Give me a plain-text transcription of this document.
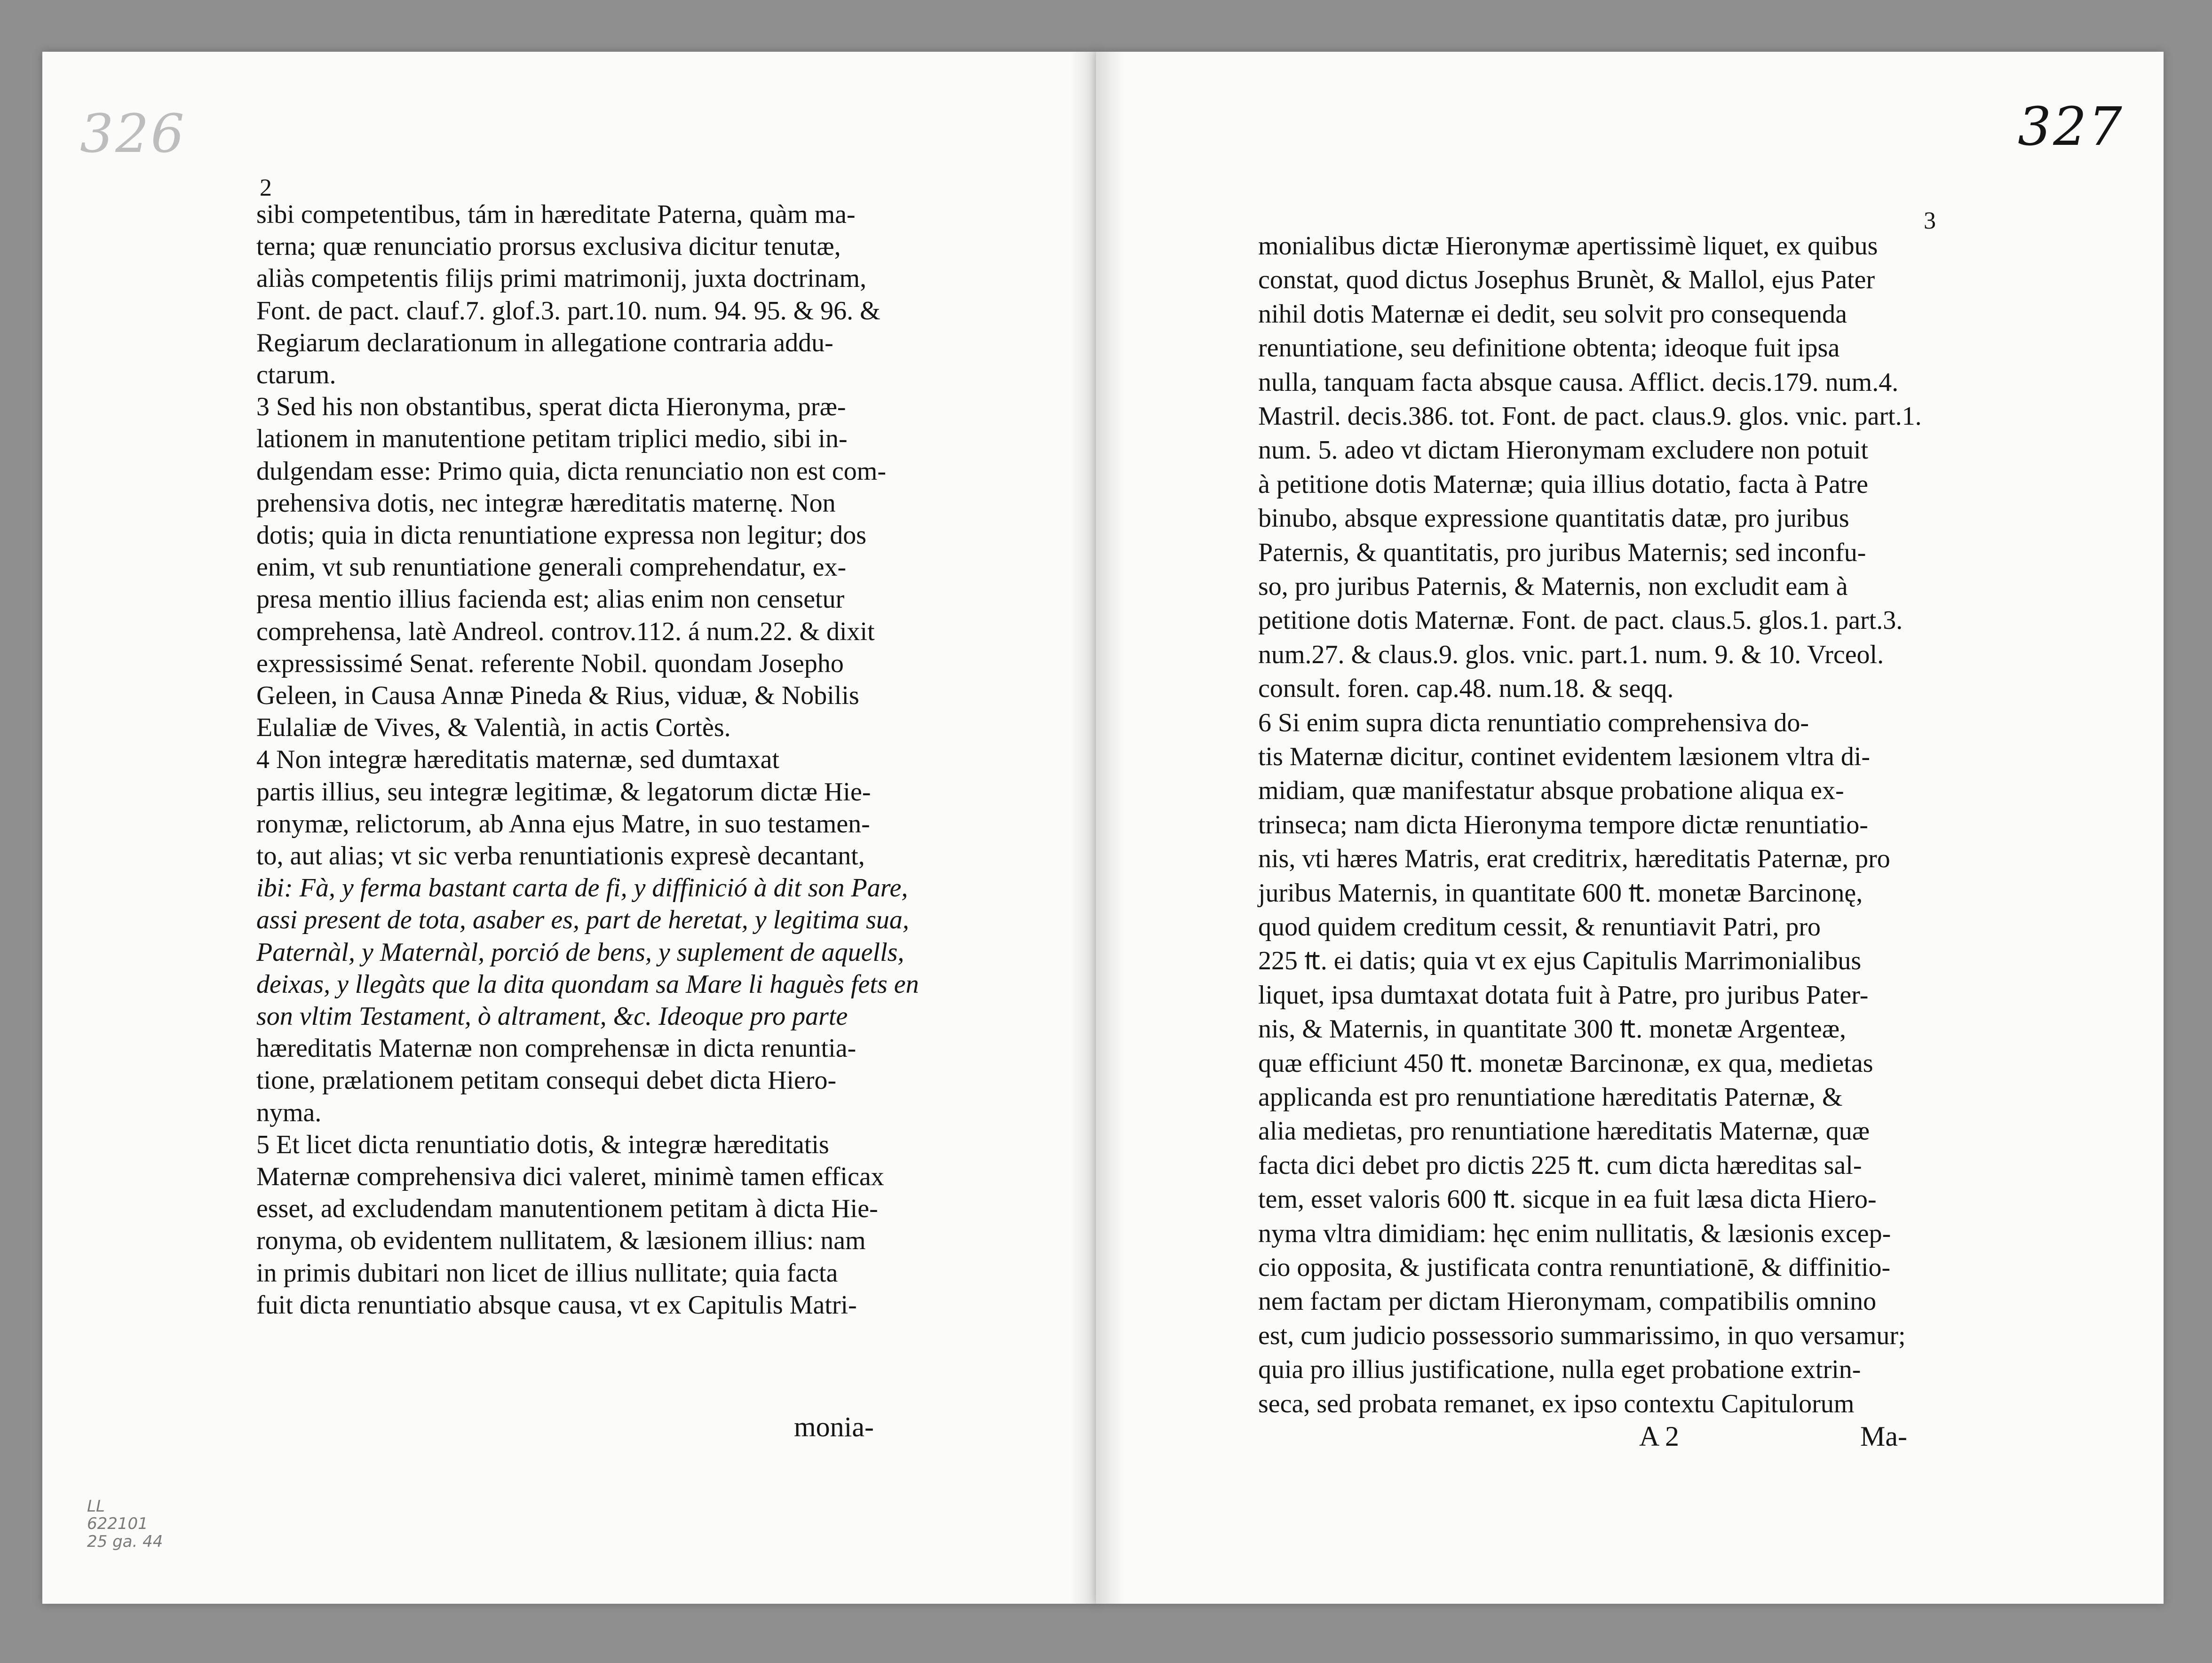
326
2
sibi competentibus, tám in hæreditate Paterna, quàm ma-
terna; quæ renunciatio prorsus exclusiva dicitur tenutæ,
aliàs competentis filijs primi matrimonij, juxta doctrinam,
Font. de pact. clauf.7. glof.3. part.10. num. 94. 95. & 96. &
Regiarum declarationum in allegatione contraria addu-
ctarum.
3 Sed his non obstantibus, sperat dicta Hieronyma, præ-
lationem in manutentione petitam triplici medio, sibi in-
dulgendam esse: Primo quia, dicta renunciatio non est com-
prehensiva dotis, nec integræ hæreditatis maternę. Non
dotis; quia in dicta renuntiatione expressa non legitur; dos
enim, vt sub renuntiatione generali comprehendatur, ex-
presa mentio illius facienda est; alias enim non censetur
comprehensa, latè Andreol. controv.112. á num.22. & dixit
expressissimé Senat. referente Nobil. quondam Josepho
Geleen, in Causa Annæ Pineda & Rius, viduæ, & Nobilis
Eulaliæ de Vives, & Valentià, in actis Cortès.
4 Non integræ hæreditatis maternæ, sed dumtaxat
partis illius, seu integræ legitimæ, & legatorum dictæ Hie-
ronymæ, relictorum, ab Anna ejus Matre, in suo testamen-
to, aut alias; vt sic verba renuntiationis expresè decantant,
ibi: Fà, y ferma bastant carta de fi, y diffinició à dit son Pare,
assi present de tota, asaber es, part de heretat, y legitima sua,
Paternàl, y Maternàl, porció de bens, y suplement de aquells,
deixas, y llegàts que la dita quondam sa Mare li haguès fets en
son vltim Testament, ò altrament, &c. Ideoque pro parte
hæreditatis Maternæ non comprehensæ in dicta renuntia-
tione, prælationem petitam consequi debet dicta Hiero-
nyma.
5 Et licet dicta renuntiatio dotis, & integræ hæreditatis
Maternæ comprehensiva dici valeret, minimè tamen efficax
esset, ad excludendam manutentionem petitam à dicta Hie-
ronyma, ob evidentem nullitatem, & læsionem illius: nam
in primis dubitari non licet de illius nullitate; quia facta
fuit dicta renuntiatio absque causa, vt ex Capitulis Matri-
monia-
LL
622101
25 ga. 44
327
3
monialibus dictæ Hieronymæ apertissimè liquet, ex quibus
constat, quod dictus Josephus Brunèt, & Mallol, ejus Pater
nihil dotis Maternæ ei dedit, seu solvit pro consequenda
renuntiatione, seu definitione obtenta; ideoque fuit ipsa
nulla, tanquam facta absque causa. Afflict. decis.179. num.4.
Mastril. decis.386. tot. Font. de pact. claus.9. glos. vnic. part.1.
num. 5. adeo vt dictam Hieronymam excludere non potuit
à petitione dotis Maternæ; quia illius dotatio, facta à Patre
binubo, absque expressione quantitatis datæ, pro juribus
Paternis, & quantitatis, pro juribus Maternis; sed inconfu-
so, pro juribus Paternis, & Maternis, non excludit eam à
petitione dotis Maternæ. Font. de pact. claus.5. glos.1. part.3.
num.27. & claus.9. glos. vnic. part.1. num. 9. & 10. Vrceol.
consult. foren. cap.48. num.18. & seqq.
6 Si enim supra dicta renuntiatio comprehensiva do-
tis Maternæ dicitur, continet evidentem læsionem vltra di-
midiam, quæ manifestatur absque probatione aliqua ex-
trinseca; nam dicta Hieronyma tempore dictæ renuntiatio-
nis, vti hæres Matris, erat creditrix, hæreditatis Paternæ, pro
juribus Maternis, in quantitate 600 ₶. monetæ Barcinonę,
quod quidem creditum cessit, & renuntiavit Patri, pro
225 ₶. ei datis; quia vt ex ejus Capitulis Marrimonialibus
liquet, ipsa dumtaxat dotata fuit à Patre, pro juribus Pater-
nis, & Maternis, in quantitate 300 ₶. monetæ Argenteæ,
quæ efficiunt 450 ₶. monetæ Barcinonæ, ex qua, medietas
applicanda est pro renuntiatione hæreditatis Paternæ, &
alia medietas, pro renuntiatione hæreditatis Maternæ, quæ
facta dici debet pro dictis 225 ₶. cum dicta hæreditas sal-
tem, esset valoris 600 ₶. sicque in ea fuit læsa dicta Hiero-
nyma vltra dimidiam: hęc enim nullitatis, & læsionis excep-
cio opposita, & justificata contra renuntiationē, & diffinitio-
nem factam per dictam Hieronymam, compatibilis omnino
est, cum judicio possessorio summarissimo, in quo versamur;
quia pro illius justificatione, nulla eget probatione extrin-
seca, sed probata remanet, ex ipso contextu Capitulorum
A 2	Ma-
